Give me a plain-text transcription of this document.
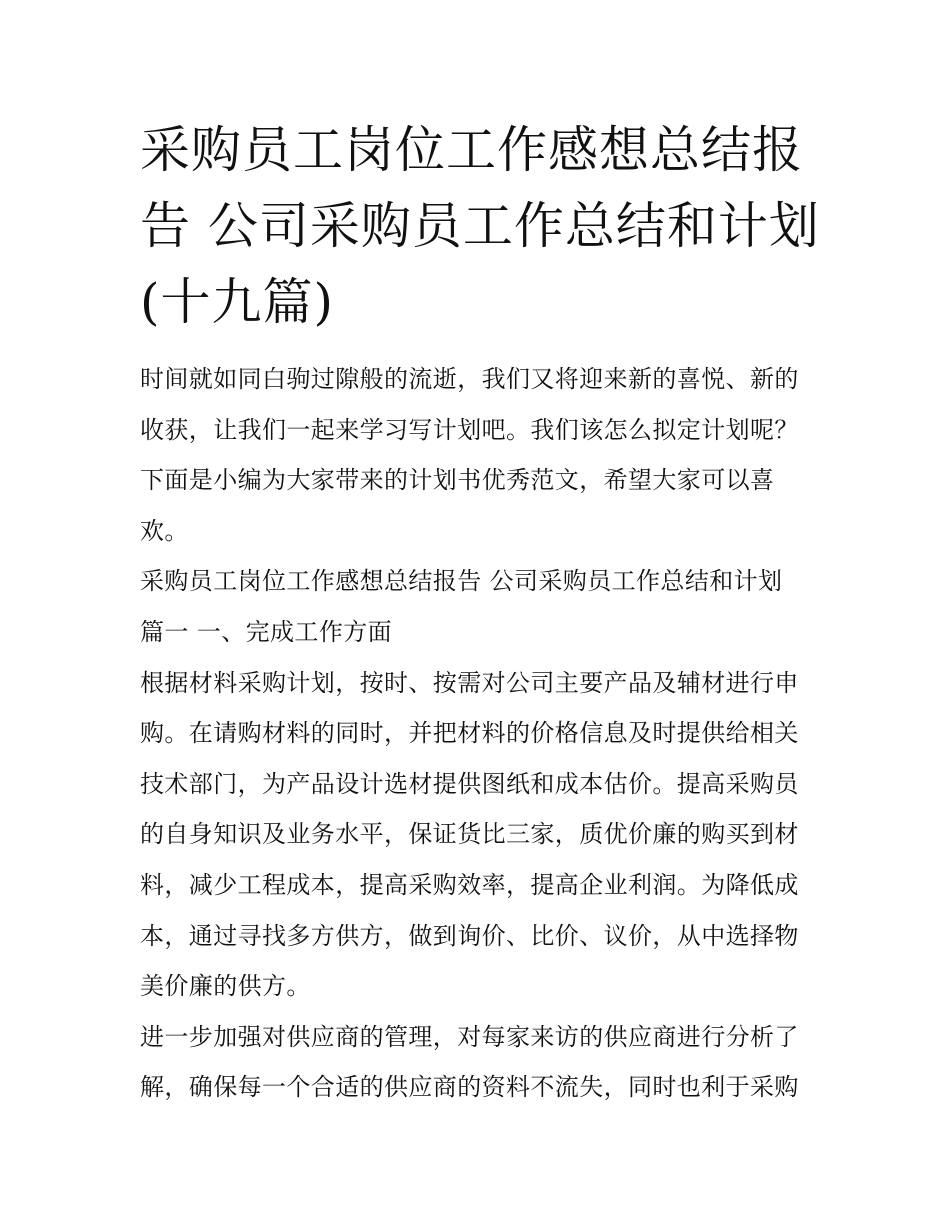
采购员工岗位工作感想总结报
告 公司采购员工作总结和计划
(十九篇)

时间就如同白驹过隙般的流逝，我们又将迎来新的喜悦、新的
收获，让我们一起来学习写计划吧。我们该怎么拟定计划呢？
下面是小编为大家带来的计划书优秀范文，希望大家可以喜
欢。

采购员工岗位工作感想总结报告 公司采购员工作总结和计划
篇一 一、完成工作方面

根据材料采购计划，按时、按需对公司主要产品及辅材进行申
购。在请购材料的同时，并把材料的价格信息及时提供给相关
技术部门，为产品设计选材提供图纸和成本估价。提高采购员
的自身知识及业务水平，保证货比三家，质优价廉的购买到材
料，减少工程成本，提高采购效率，提高企业利润。为降低成
本，通过寻找多方供方，做到询价、比价、议价，从中选择物
美价廉的供方。

进一步加强对供应商的管理，对每家来访的供应商进行分析了
解，确保每一个合适的供应商的资料不流失，同时也利于采购
